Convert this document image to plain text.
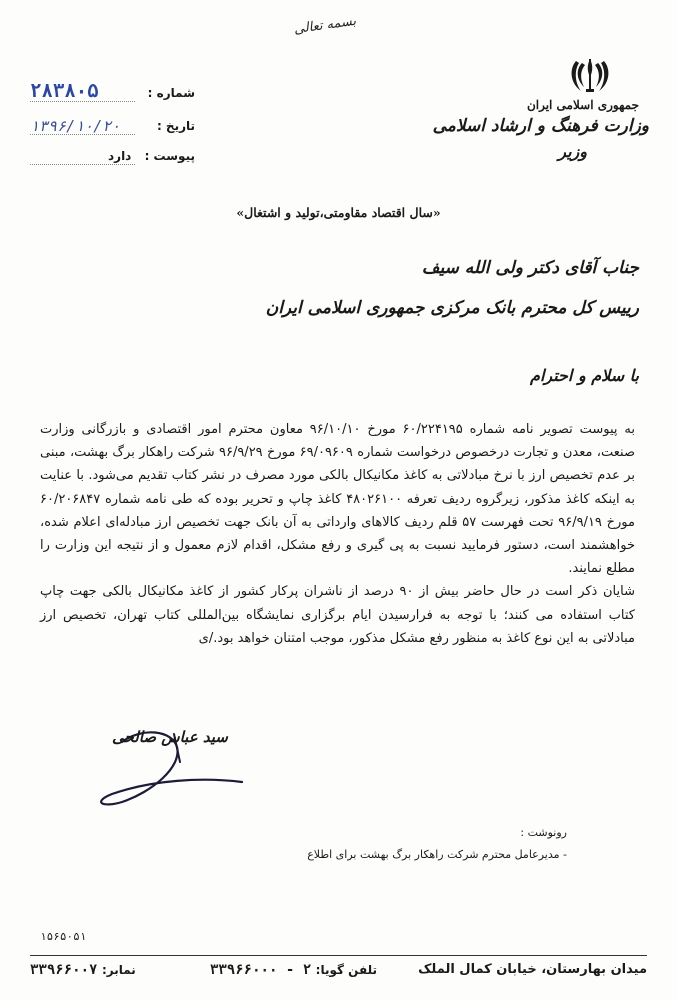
بسمه تعالی
جمهوری اسلامی ایران
وزارت فرهنگ و ارشاد اسلامی
وزیر
شماره :
۲۸۳۸۰۵
تاریخ :
۱۳۹۶/۱۰/۲۰
پیوست :
دارد
«سال اقتصاد مقاومتی،تولید و اشتغال»
جناب آقای دکتر ولی الله سیف
رییس کل محترم بانک مرکزی جمهوری اسلامی ایران
با سلام و احترام

به پیوست تصویر نامه شماره ۶۰/۲۲۴۱۹۵ مورخ ۹۶/۱۰/۱۰ معاون محترم امور اقتصادی و بازرگانی وزارت صنعت، معدن و تجارت درخصوص درخواست شماره ۶۹/۰۹۶۰۹ مورخ ۹۶/۹/۲۹ شرکت راهکار برگ بهشت، مبنی بر عدم تخصیص ارز با نرخ مبادلاتی به کاغذ مکانیکال بالکی مورد مصرف در نشر کتاب تقدیم می‌شود. با عنایت به اینکه کاغذ مذکور، زیرگروه ردیف تعرفه ۴۸۰۲۶۱۰۰ کاغذ چاپ و تحریر بوده که طی نامه شماره ۶۰/۲۰۶۸۴۷ مورخ ۹۶/۹/۱۹ تحت فهرست ۵۷ قلم ردیف کالاهای وارداتی به آن بانک جهت تخصیص ارز مبادله‌ای اعلام شده، خواهشمند است، دستور فرمایید نسبت به پی گیری و رفع مشکل، اقدام لازم معمول و از نتیجه این وزارت را مطلع نمایند.

شایان ذکر است در حال حاضر بیش از ۹۰ درصد از ناشران پرکار کشور از کاغذ مکانیکال بالکی جهت چاپ کتاب استفاده می کنند؛ با توجه به فرارسیدن ایام برگزاری نمایشگاه بین‌المللی کتاب تهران، تخصیص ارز مبادلاتی به این نوع کاغذ به منظور رفع مشکل مذکور، موجب امتنان خواهد بود./ی

سید عباس صالحی
رونوشت :
- مدیرعامل محترم شرکت راهکار برگ بهشت برای اطلاع
۱۵۶۵۰۵۱
میدان بهارستان، خیابان کمال الملک
تلفن گویا: ۲ - ۳۳۹۶۶۰۰۰
نمابر: ۳۳۹۶۶۰۰۷
